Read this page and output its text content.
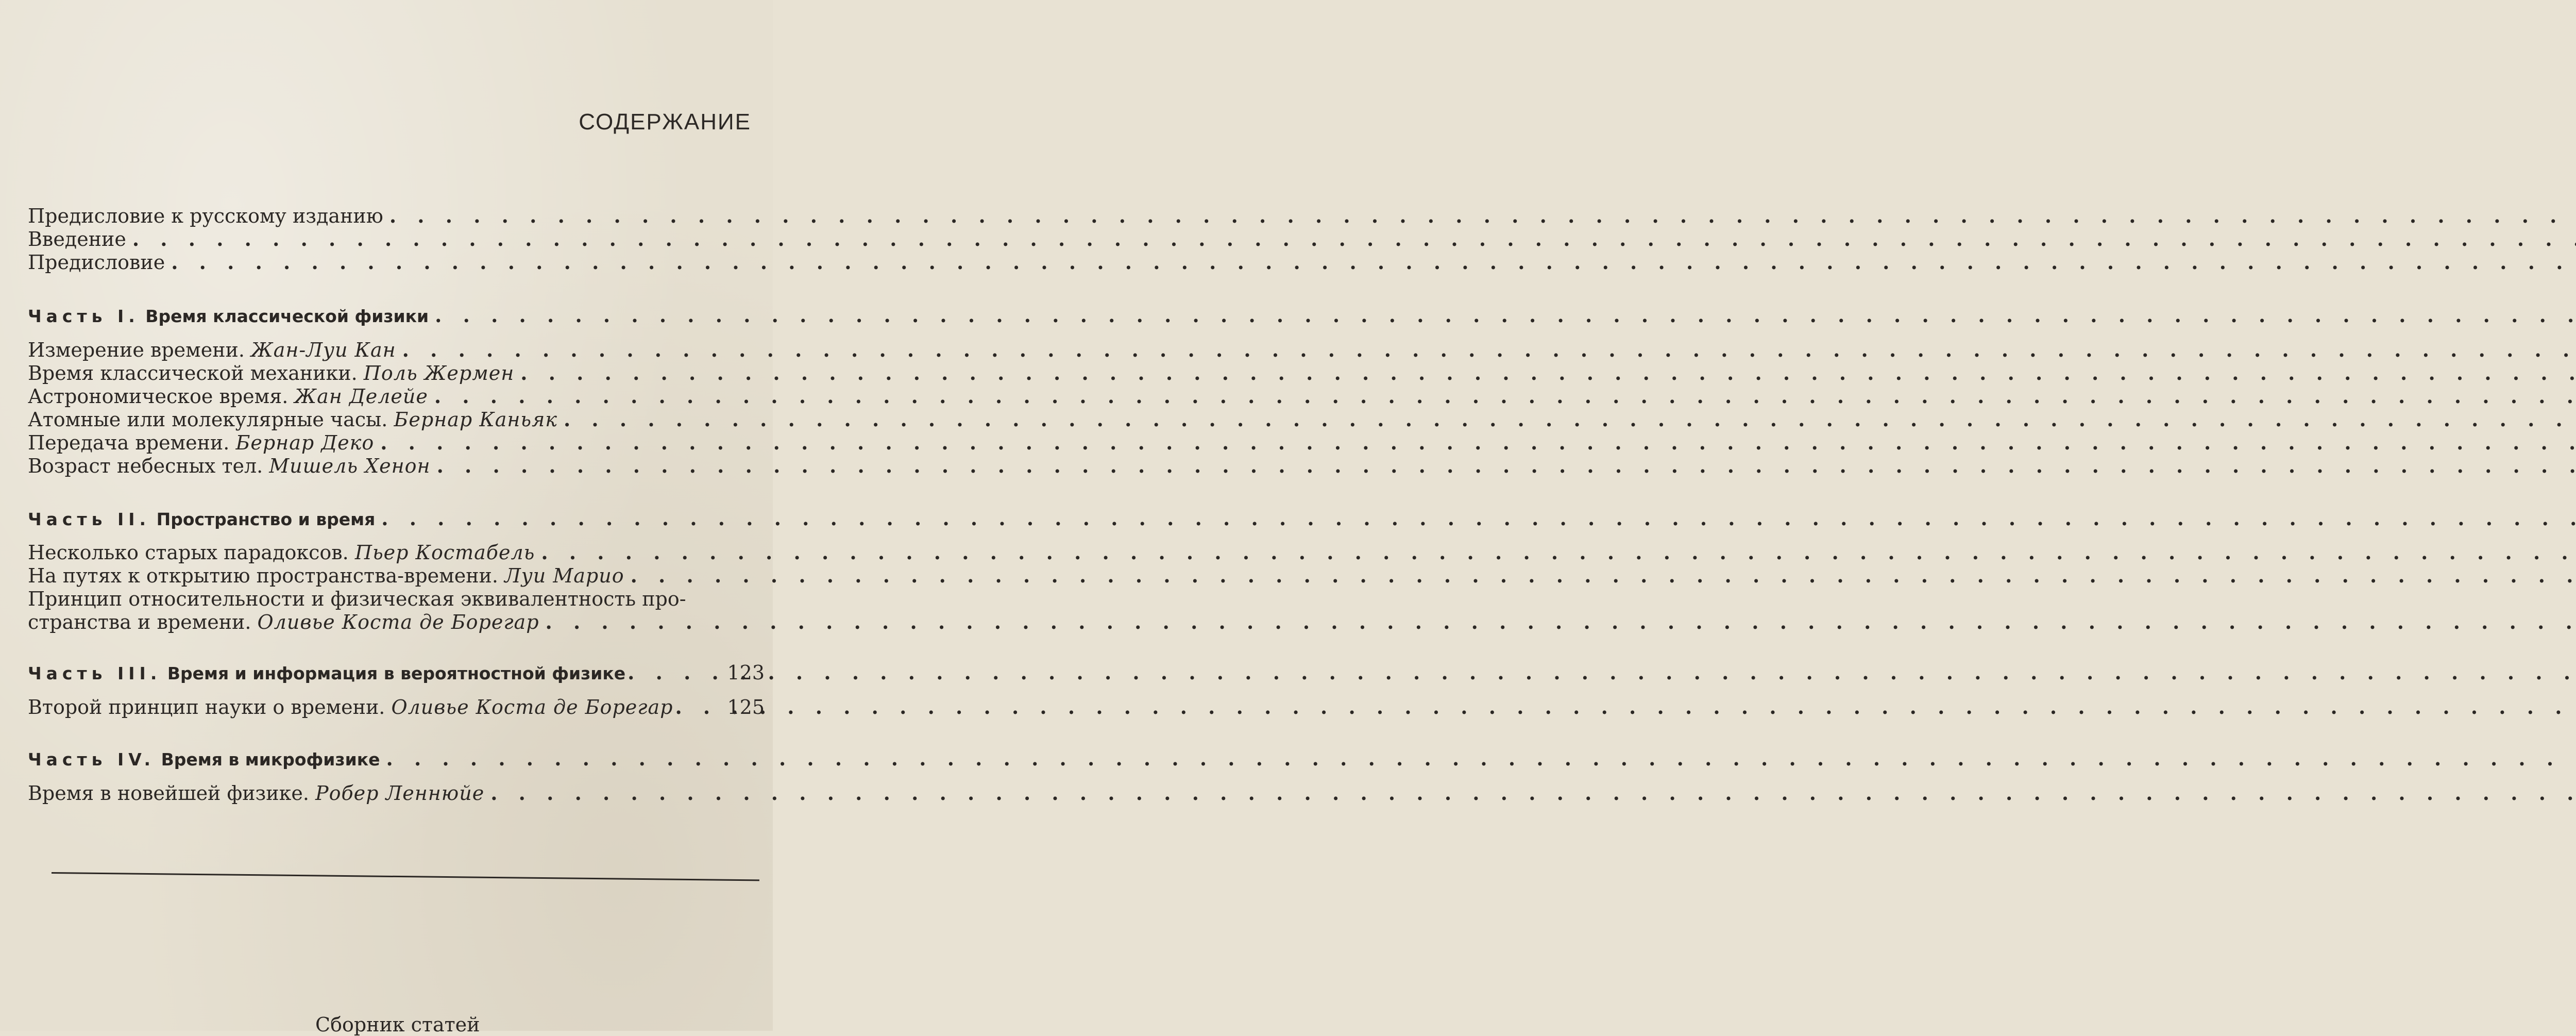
СОДЕРЖАНИЕ
Предисловие к русскому изданию
. . .
Введение
. . .
Предисловие
. . .
Часть I. Время классической физики
. . .
Измерение времени. Жан-Луи Кан
. . .
Время классической механики. Поль Жермен
. . .
Астрономическое время. Жан Делейе
. . .
Атомные или молекулярные часы. Бернар Каньяк
. . .
Передача времени. Бернар Деко
. . .
Возраст небесных тел. Мишель Хенон
. . .
Часть II. Пространство и время
. . .
Несколько старых парадоксов. Пьер Костабель
. . .
На путях к открытию пространства-времени. Луи Марио
. . .
Принцип относительности и физическая эквивалентность про-
странства и времени. Оливье Коста де Борегар
. . .
Часть III. Время и информация в вероятностной физике . . .	123
Второй принцип науки о времени. Оливье Коста де Борегар . . .	125
Часть IV. Время в микрофизике
. . .
Время в новейшей физике. Робер Леннюйе
. . .
Сборник статей
